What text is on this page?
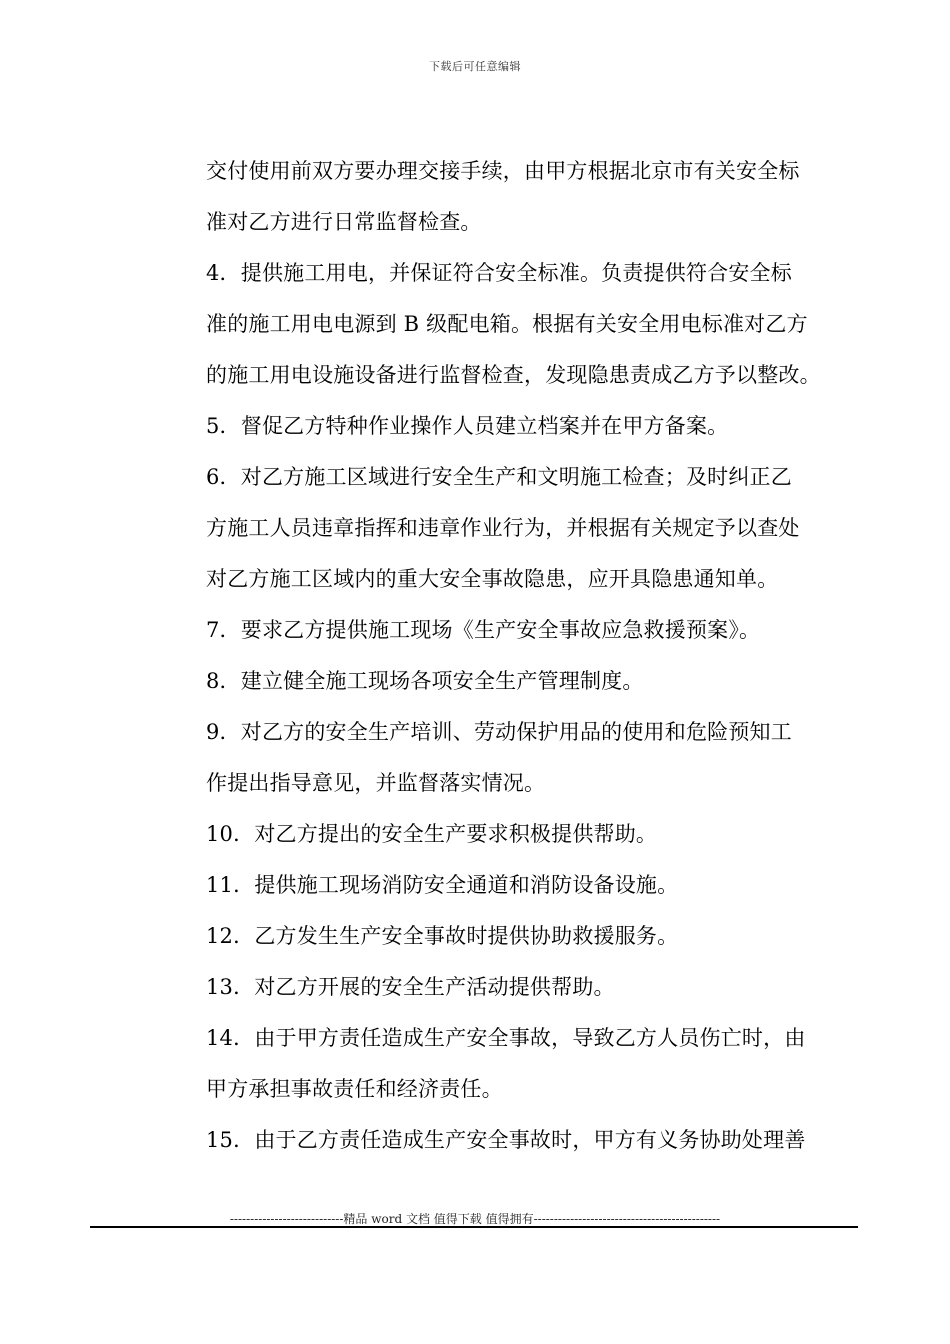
下载后可任意编辑
交付使用前双方要办理交接手续，由甲方根据北京市有关安全标
准对乙方进行日常监督检查。
4．提供施工用电，并保证符合安全标准。负责提供符合安全标
准的施工用电电源到 B 级配电箱。根据有关安全用电标准对乙方
的施工用电设施设备进行监督检查，发现隐患责成乙方予以整改。
5．督促乙方特种作业操作人员建立档案并在甲方备案。
6．对乙方施工区域进行安全生产和文明施工检查；及时纠正乙
方施工人员违章指挥和违章作业行为，并根据有关规定予以查处
对乙方施工区域内的重大安全事故隐患，应开具隐患通知单。
7．要求乙方提供施工现场《生产安全事故应急救援预案》。
8．建立健全施工现场各项安全生产管理制度。
9．对乙方的安全生产培训、劳动保护用品的使用和危险预知工
作提出指导意见，并监督落实情况。
10．对乙方提出的安全生产要求积极提供帮助。
11．提供施工现场消防安全通道和消防设备设施。
12．乙方发生生产安全事故时提供协助救援服务。
13．对乙方开展的安全生产活动提供帮助。
14．由于甲方责任造成生产安全事故，导致乙方人员伤亡时，由
甲方承担事故责任和经济责任。
15．由于乙方责任造成生产安全事故时，甲方有义务协助处理善
----------------------------精品 word 文档 值得下载 值得拥有----------------------------------------------
